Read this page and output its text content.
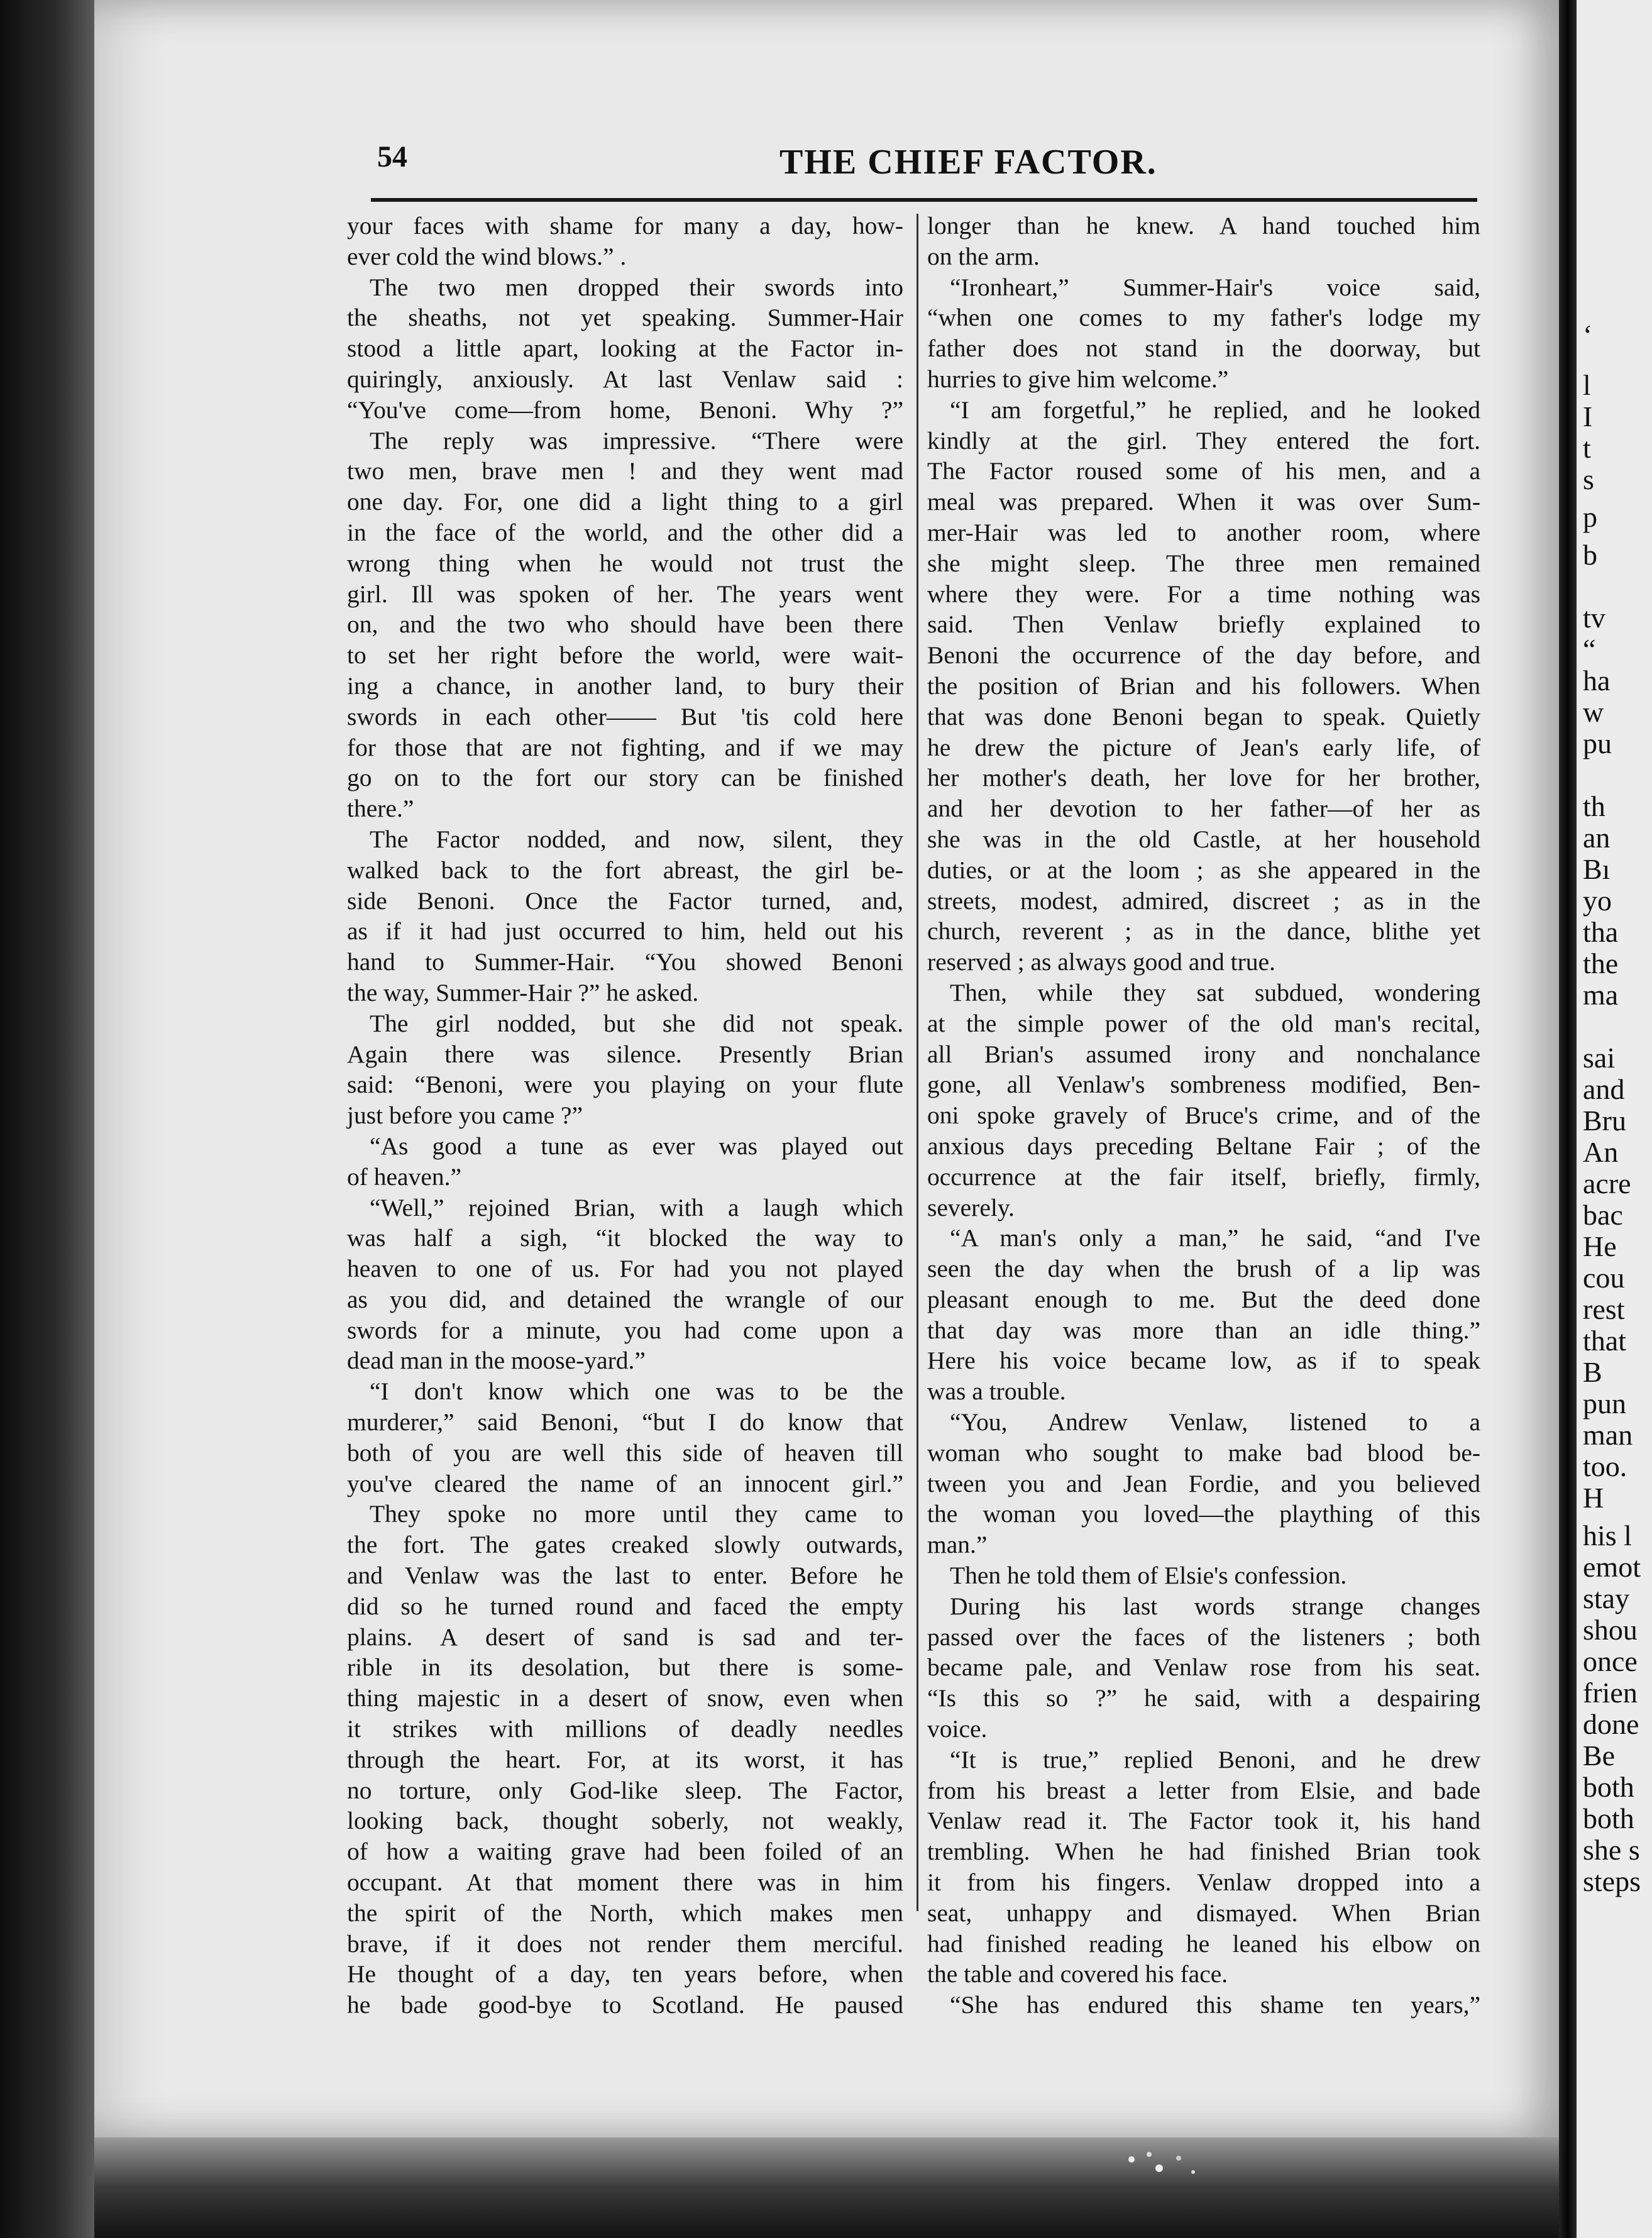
‘
l
I
t
s
p
b
tv
“
ha
w
pu
th
an
Bı
yo
tha
the
ma
sai
and
Bru
An
acre
bac
He
cou
rest
that
B
pun
man
too.
H
his l
emot
stay
shou
once
frien
done
Be
both
both
she s
steps
54	THE CHIEF FACTOR.
your faces with shame for many a day, how-
ever cold the wind blows.” .
The two men dropped their swords into
the sheaths, not yet speaking. Summer-Hair
stood a little apart, looking at the Factor in-
quiringly, anxiously. At last Venlaw said :
“You've come—from home, Benoni. Why ?”
The reply was impressive. “There were
two men, brave men ! and they went mad
one day. For, one did a light thing to a girl
in the face of the world, and the other did a
wrong thing when he would not trust the
girl. Ill was spoken of her. The years went
on, and the two who should have been there
to set her right before the world, were wait-
ing a chance, in another land, to bury their
swords in each other—— But 'tis cold here
for those that are not fighting, and if we may
go on to the fort our story can be finished
there.”
The Factor nodded, and now, silent, they
walked back to the fort abreast, the girl be-
side Benoni. Once the Factor turned, and,
as if it had just occurred to him, held out his
hand to Summer-Hair. “You showed Benoni
the way, Summer-Hair ?” he asked.
The girl nodded, but she did not speak.
Again there was silence. Presently Brian
said: “Benoni, were you playing on your flute
just before you came ?”
“As good a tune as ever was played out
of heaven.”
“Well,” rejoined Brian, with a laugh which
was half a sigh, “it blocked the way to
heaven to one of us. For had you not played
as you did, and detained the wrangle of our
swords for a minute, you had come upon a
dead man in the moose-yard.”
“I don't know which one was to be the
murderer,” said Benoni, “but I do know that
both of you are well this side of heaven till
you've cleared the name of an innocent girl.”
They spoke no more until they came to
the fort. The gates creaked slowly outwards,
and Venlaw was the last to enter. Before he
did so he turned round and faced the empty
plains. A desert of sand is sad and ter-
rible in its desolation, but there is some-
thing majestic in a desert of snow, even when
it strikes with millions of deadly needles
through the heart. For, at its worst, it has
no torture, only God-like sleep. The Factor,
looking back, thought soberly, not weakly,
of how a waiting grave had been foiled of an
occupant. At that moment there was in him
the spirit of the North, which makes men
brave, if it does not render them merciful.
He thought of a day, ten years before, when
he bade good-bye to Scotland. He paused
longer than he knew. A hand touched him
on the arm.
“Ironheart,” Summer-Hair's voice said,
“when one comes to my father's lodge my
father does not stand in the doorway, but
hurries to give him welcome.”
“I am forgetful,” he replied, and he looked
kindly at the girl. They entered the fort.
The Factor roused some of his men, and a
meal was prepared. When it was over Sum-
mer-Hair was led to another room, where
she might sleep. The three men remained
where they were. For a time nothing was
said. Then Venlaw briefly explained to
Benoni the occurrence of the day before, and
the position of Brian and his followers. When
that was done Benoni began to speak. Quietly
he drew the picture of Jean's early life, of
her mother's death, her love for her brother,
and her devotion to her father—of her as
she was in the old Castle, at her household
duties, or at the loom ; as she appeared in the
streets, modest, admired, discreet ; as in the
church, reverent ; as in the dance, blithe yet
reserved ; as always good and true.
Then, while they sat subdued, wondering
at the simple power of the old man's recital,
all Brian's assumed irony and nonchalance
gone, all Venlaw's sombreness modified, Ben-
oni spoke gravely of Bruce's crime, and of the
anxious days preceding Beltane Fair ; of the
occurrence at the fair itself, briefly, firmly,
severely.
“A man's only a man,” he said, “and I've
seen the day when the brush of a lip was
pleasant enough to me. But the deed done
that day was more than an idle thing.”
Here his voice became low, as if to speak
was a trouble.
“You, Andrew Venlaw, listened to a
woman who sought to make bad blood be-
tween you and Jean Fordie, and you believed
the woman you loved—the plaything of this
man.”
Then he told them of Elsie's confession.
During his last words strange changes
passed over the faces of the listeners ; both
became pale, and Venlaw rose from his seat.
“Is this so ?” he said, with a despairing
voice.
“It is true,” replied Benoni, and he drew
from his breast a letter from Elsie, and bade
Venlaw read it. The Factor took it, his hand
trembling. When he had finished Brian took
it from his fingers. Venlaw dropped into a
seat, unhappy and dismayed. When Brian
had finished reading he leaned his elbow on
the table and covered his face.
“She has endured this shame ten years,”
